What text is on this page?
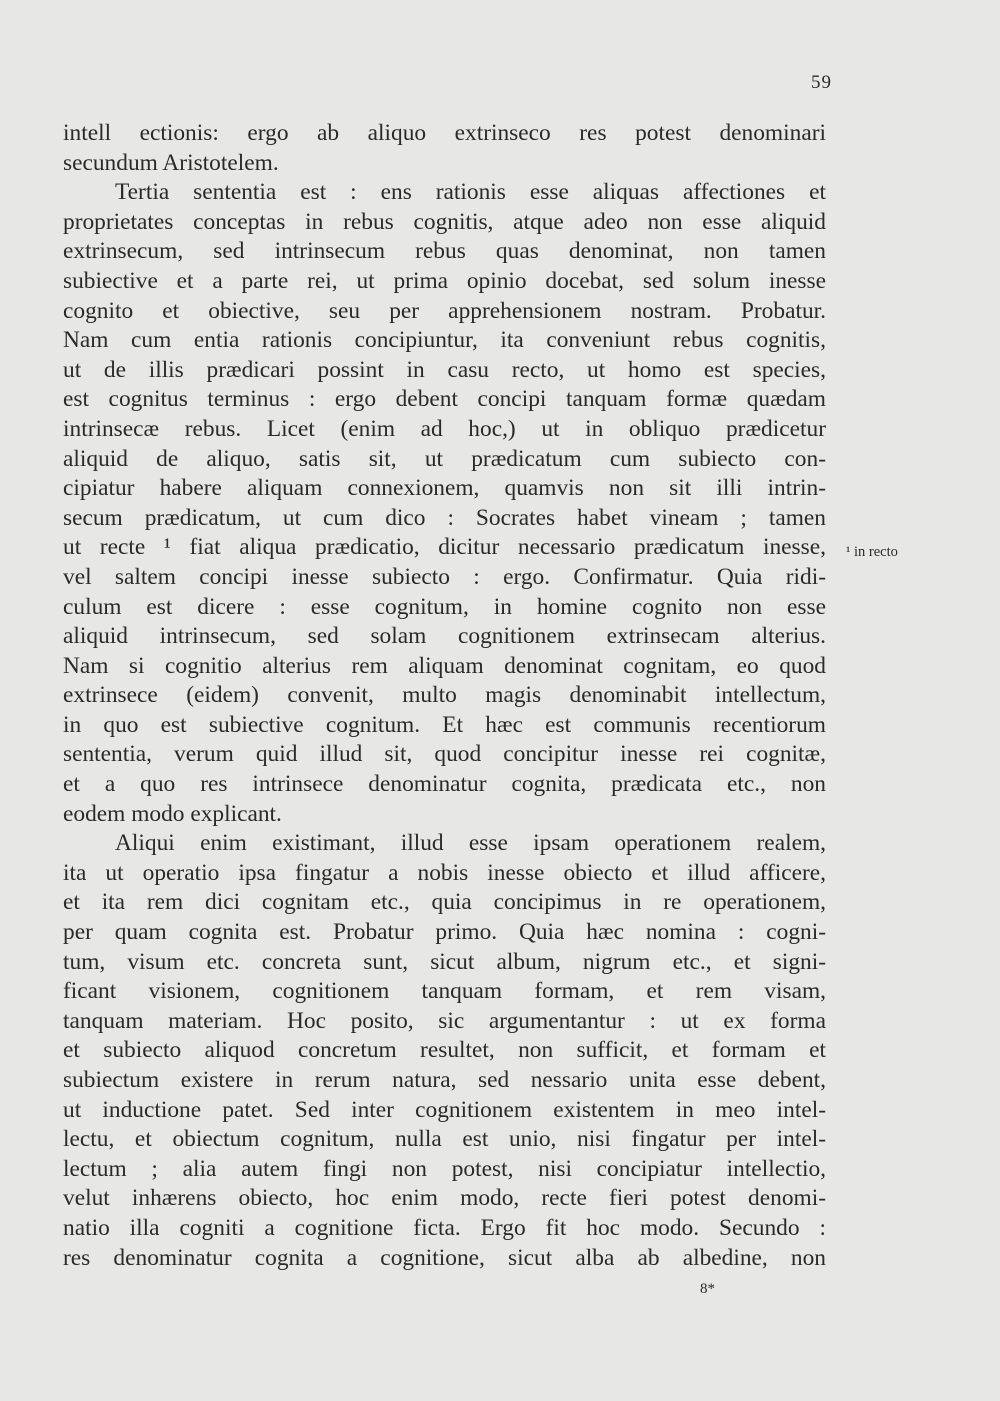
59
intell ectionis: ergo ab aliquo extrinseco res potest denominari
secundum Aristotelem.
Tertia sententia est : ens rationis esse aliquas affectiones et
proprietates conceptas in rebus cognitis, atque adeo non esse aliquid
extrinsecum, sed intrinsecum rebus quas denominat, non tamen
subiective et a parte rei, ut prima opinio docebat, sed solum inesse
cognito et obiective, seu per apprehensionem nostram. Probatur.
Nam cum entia rationis concipiuntur, ita conveniunt rebus cognitis,
ut de illis prædicari possint in casu recto, ut homo est species,
est cognitus terminus : ergo debent concipi tanquam formæ quædam
intrinsecæ rebus. Licet (enim ad hoc,) ut in obliquo prædicetur
aliquid de aliquo, satis sit, ut prædicatum cum subiecto con-
cipiatur habere aliquam connexionem, quamvis non sit illi intrin-
secum prædicatum, ut cum dico : Socrates habet vineam ; tamen
ut recte ¹ fiat aliqua prædicatio, dicitur necessario prædicatum inesse,
vel saltem concipi inesse subiecto : ergo. Confirmatur. Quia ridi-
culum est dicere : esse cognitum, in homine cognito non esse
aliquid intrinsecum, sed solam cognitionem extrinsecam alterius.
Nam si cognitio alterius rem aliquam denominat cognitam, eo quod
extrinsece (eidem) convenit, multo magis denominabit intellectum,
in quo est subiective cognitum. Et hæc est communis recentiorum
sententia, verum quid illud sit, quod concipitur inesse rei cognitæ,
et a quo res intrinsece denominatur cognita, prædicata etc., non
eodem modo explicant.
Aliqui enim existimant, illud esse ipsam operationem realem,
ita ut operatio ipsa fingatur a nobis inesse obiecto et illud afficere,
et ita rem dici cognitam etc., quia concipimus in re operationem,
per quam cognita est. Probatur primo. Quia hæc nomina : cogni-
tum, visum etc. concreta sunt, sicut album, nigrum etc., et signi-
ficant visionem, cognitionem tanquam formam, et rem visam,
tanquam materiam. Hoc posito, sic argumentantur : ut ex forma
et subiecto aliquod concretum resultet, non sufficit, et formam et
subiectum existere in rerum natura, sed nessario unita esse debent,
ut inductione patet. Sed inter cognitionem existentem in meo intel-
lectu, et obiectum cognitum, nulla est unio, nisi fingatur per intel-
lectum ; alia autem fingi non potest, nisi concipiatur intellectio,
velut inhærens obiecto, hoc enim modo, recte fieri potest denomi-
natio illa cogniti a cognitione ficta. Ergo fit hoc modo. Secundo :
res denominatur cognita a cognitione, sicut alba ab albedine, non
¹ in recto
8*
